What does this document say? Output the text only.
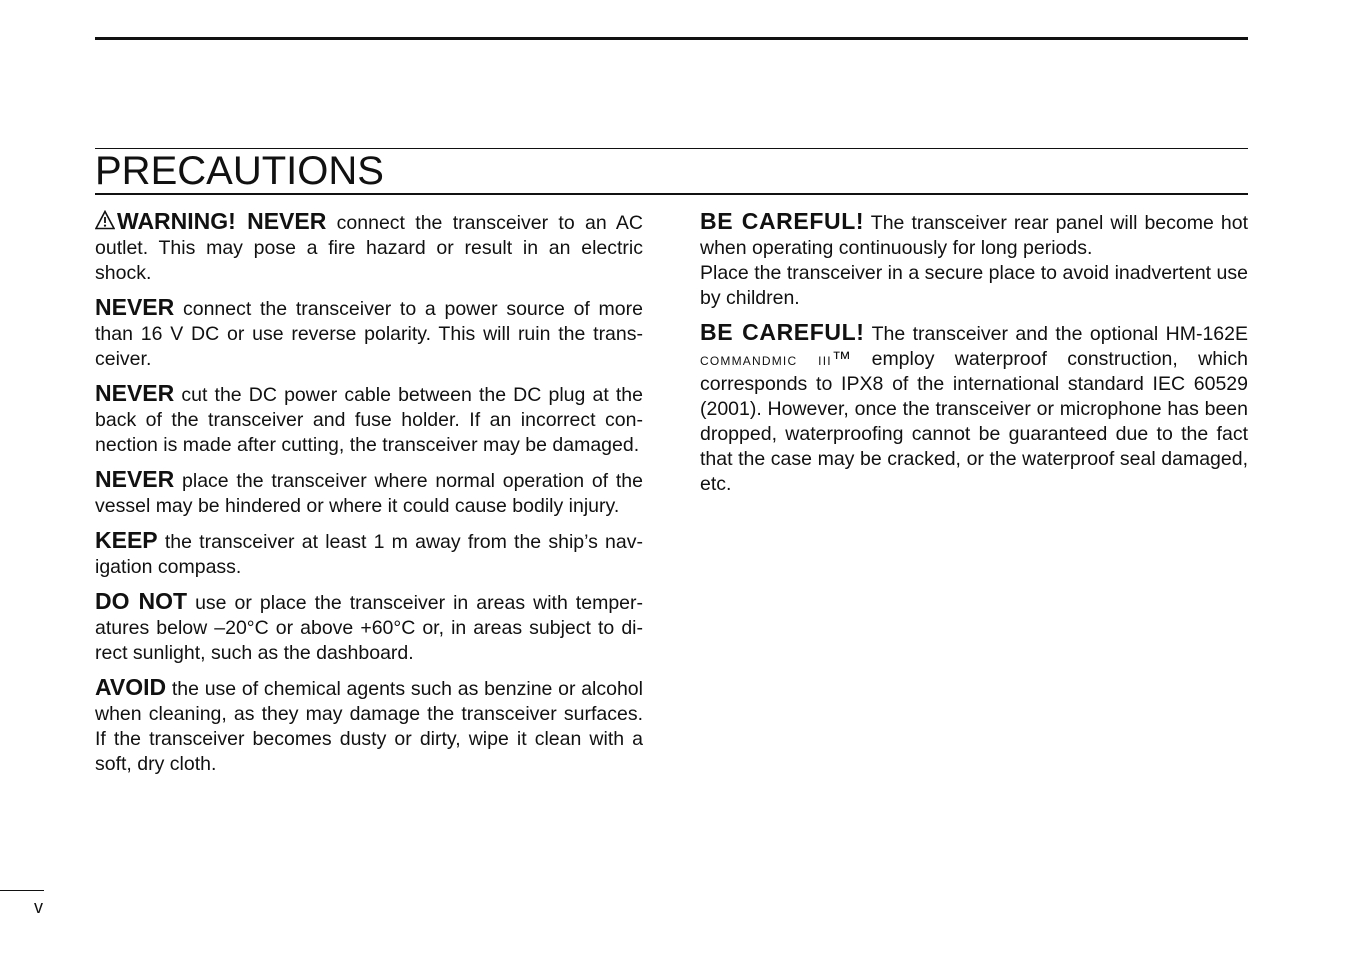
PRECAUTIONS

WARNING! NEVER connect the transceiver to an AC outlet. This may pose a fire hazard or result in an electric shock.

NEVER connect the transceiver to a power source of more than 16 V DC or use reverse polarity. This will ruin the transceiver.

NEVER cut the DC power cable between the DC plug at the back of the transceiver and fuse holder. If an incorrect connection is made after cutting, the transceiver may be damaged.

NEVER place the transceiver where normal operation of the vessel may be hindered or where it could cause bodily injury.

KEEP the transceiver at least 1 m away from the ship’s navigation compass.

DO NOT use or place the transceiver in areas with temperatures below –20°C or above +60°C or, in areas subject to direct sunlight, such as the dashboard.

AVOID the use of chemical agents such as benzine or alcohol when cleaning, as they may damage the transceiver surfaces. If the transceiver becomes dusty or dirty, wipe it clean with a soft, dry cloth.

BE CAREFUL! The transceiver rear panel will become hot when operating continuously for long periods.

Place the transceiver in a secure place to avoid inadvertent use by children.

BE CAREFUL! The transceiver and the optional HM-162E commandmic iii™ employ waterproof construction, which corresponds to IPX8 of the international standard IEC 60529 (2001). However, once the transceiver or microphone has been dropped, waterproofing cannot be guaranteed due to the fact that the case may be cracked, or the waterproof seal damaged, etc.

v
